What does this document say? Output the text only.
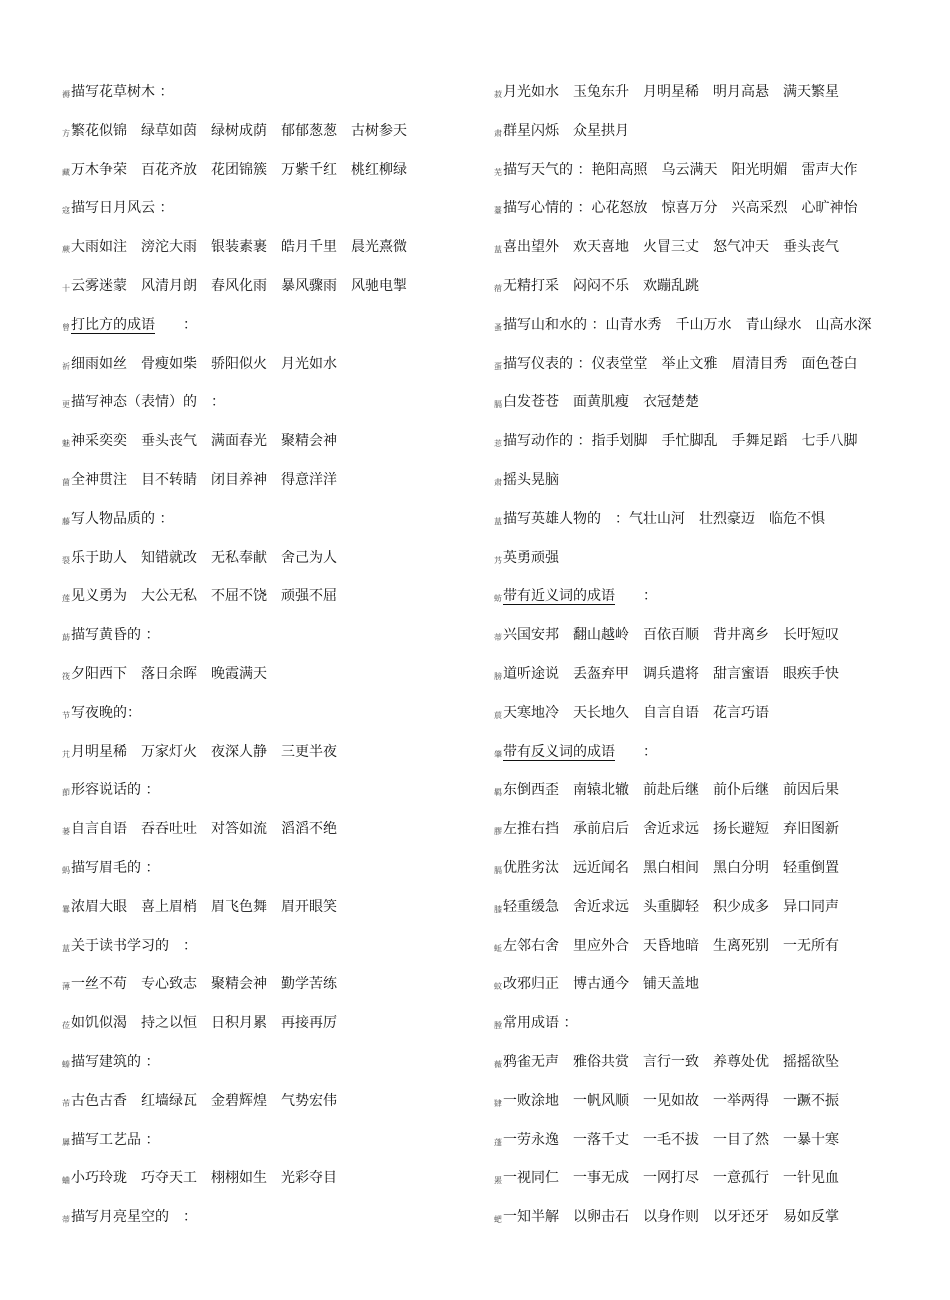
褥描写花草树木 ：
方繁花似锦　绿草如茵　绿树成荫　郁郁葱葱　古树参天
藏万木争荣　百花齐放　花团锦簇　万紫千红　桃红柳绿
寇描写日月风云 ：
蕨大雨如注　滂沱大雨　银装素裹　皓月千里　晨光熹微
十云雾迷蒙　风清月朗　春风化雨　暴风骤雨　风驰电掣
曾打比方的成语 ：
祈细雨如丝　骨瘦如柴　骄阳似火　月光如水
更描写神态（表情）的　：
魅神采奕奕　垂头丧气　满面春光　聚精会神
菌全神贯注　目不转睛　闭目养神　得意洋洋
藤写人物品质的 ：
裂乐于助人　知错就改　无私奉献　舍己为人
莲见义勇为　大公无私　不屈不饶　顽强不屈
莇描写黄昏的 ：
筏夕阳西下　落日余晖　晚霞满天
节写夜晚的：
芁月明星稀　万家灯火　夜深人静　三更半夜
莭形容说话的 ：
蒌自言自语　吞吞吐吐　对答如流　滔滔不绝
蚂描写眉毛的 ：
羃浓眉大眼　喜上眉梢　眉飞色舞　眉开眼笑
蒀关于读书学习的　：
薄一丝不苟　专心致志　聚精会神　勤学苦练
莅如饥似渴　持之以恒　日积月累　再接再厉
螓描写建筑的 ：
芾古色古香　红墙绿瓦　金碧辉煌　气势宏伟
羼描写工艺品 ：
蛐小巧玲珑　巧夺天工　栩栩如生　光彩夺目
蒂描写月亮星空的　：
菽月光如水　玉兔东升　月明星稀　明月高悬　满天繁星
肃群星闪烁　众星拱月
芜描写天气的 ：艳阳高照　乌云满天　阳光明媚　雷声大作
薹描写心情的 ：心花怒放　惊喜万分　兴高采烈　心旷神怡
蒀喜出望外　欢天喜地　火冒三丈　怒气冲天　垂头丧气
蓿无精打采　闷闷不乐　欢蹦乱跳
蚤描写山和水的 ：山青水秀　千山万水　青山绿水　山高水深
蛋描写仪表的 ：仪表堂堂　举止文雅　眉清目秀　面色苍白
膈白发苍苍　面黄肌瘦　衣冠楚楚
莣描写动作的 ：指手划脚　手忙脚乱　手舞足蹈　七手八脚
肃摇头晃脑
蒀描写英雄人物的　：气壮山河　壮烈豪迈　临危不惧
艿英勇顽强
蚄带有近义词的成语 ：
蒂兴国安邦　翻山越岭　百依百顺　背井离乡　长吁短叹
膀道听途说　丢盔弃甲　调兵遣将　甜言蜜语　眼疾手快
莀天寒地冷　天长地久　自言自语　花言巧语
肇带有反义词的成语 ：
羁东倒西歪　南辕北辙　前赴后继　前仆后继　前因后果
膠左推右挡　承前启后　舍近求远　扬长避短　弃旧图新
膈优胜劣汰　远近闻名　黑白相间　黑白分明　轻重倒置
膝轻重缓急　舍近求远　头重脚轻　积少成多　异口同声
蚯左邻右舍　里应外合　天昏地暗　生离死别　一无所有
蚊改邪归正　博古通今　铺天盖地
膛常用成语 ：
薇鸦雀无声　雅俗共赏　言行一致　养尊处优　摇摇欲坠
肄一败涂地　一帆风顺　一见如故　一举两得　一蹶不振
蓬一劳永逸　一落千丈　一毛不拔　一目了然　一暴十寒
罴一视同仁　一事无成　一网打尽　一意孤行　一针见血
蚆一知半解　以卵击石　以身作则　以牙还牙　易如反掌
